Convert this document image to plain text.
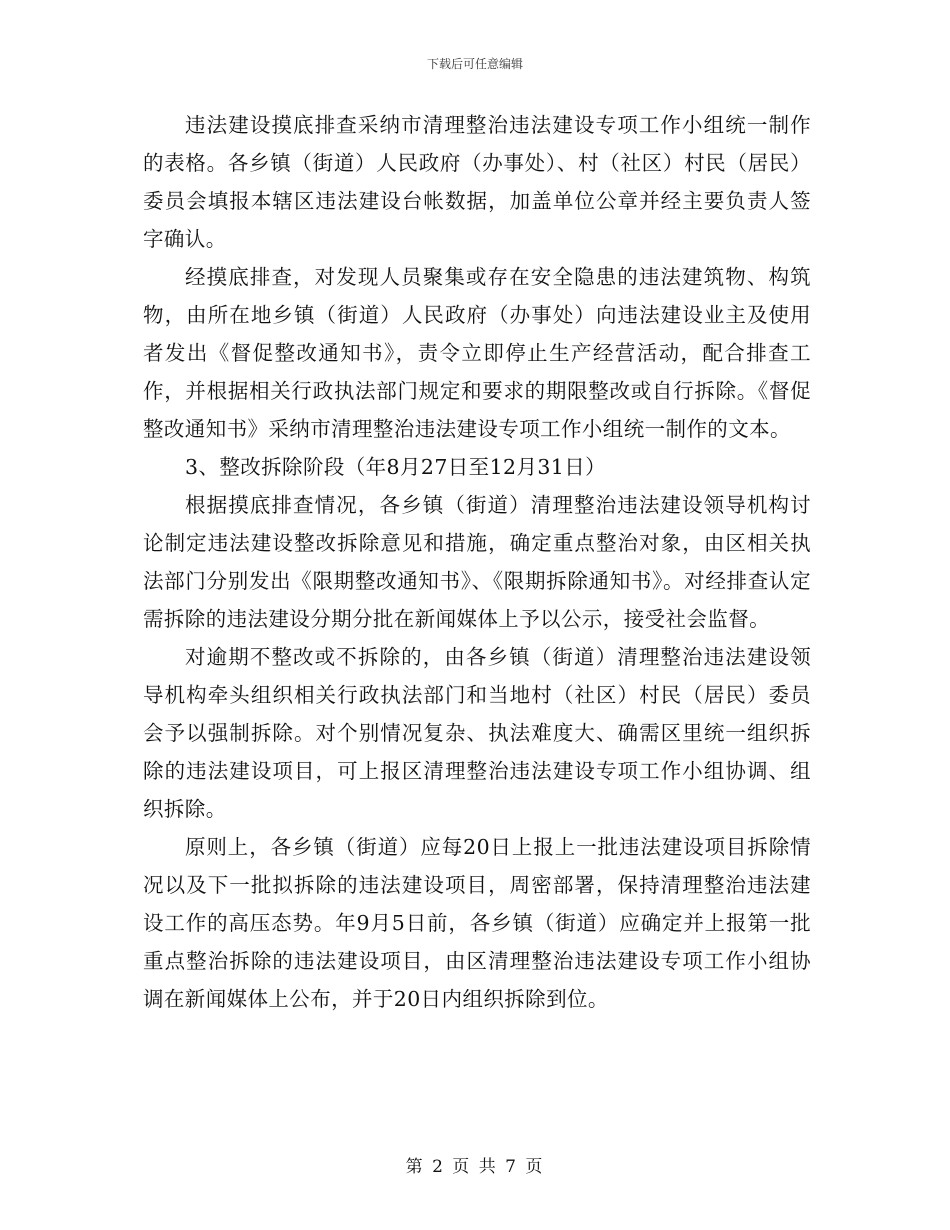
下载后可任意编辑

违法建设摸底排查采纳市清理整治违法建设专项工作小组统一制作的表格。各乡镇（街道）人民政府（办事处）、村（社区）村民（居民）委员会填报本辖区违法建设台帐数据，加盖单位公章并经主要负责人签字确认。

经摸底排查，对发现人员聚集或存在安全隐患的违法建筑物、构筑物，由所在地乡镇（街道）人民政府（办事处）向违法建设业主及使用者发出《督促整改通知书》，责令立即停止生产经营活动，配合排查工作，并根据相关行政执法部门规定和要求的期限整改或自行拆除。《督促整改通知书》采纳市清理整治违法建设专项工作小组统一制作的文本。

3、整改拆除阶段（年8月27日至12月31日）

根据摸底排查情况，各乡镇（街道）清理整治违法建设领导机构讨论制定违法建设整改拆除意见和措施，确定重点整治对象，由区相关执法部门分别发出《限期整改通知书》、《限期拆除通知书》。对经排查认定需拆除的违法建设分期分批在新闻媒体上予以公示，接受社会监督。

对逾期不整改或不拆除的，由各乡镇（街道）清理整治违法建设领导机构牵头组织相关行政执法部门和当地村（社区）村民（居民）委员会予以强制拆除。对个别情况复杂、执法难度大、确需区里统一组织拆除的违法建设项目，可上报区清理整治违法建设专项工作小组协调、组织拆除。

原则上，各乡镇（街道）应每20日上报上一批违法建设项目拆除情况以及下一批拟拆除的违法建设项目，周密部署，保持清理整治违法建设工作的高压态势。年9月5日前，各乡镇（街道）应确定并上报第一批重点整治拆除的违法建设项目，由区清理整治违法建设专项工作小组协调在新闻媒体上公布，并于20日内组织拆除到位。

第 2 页 共 7 页
